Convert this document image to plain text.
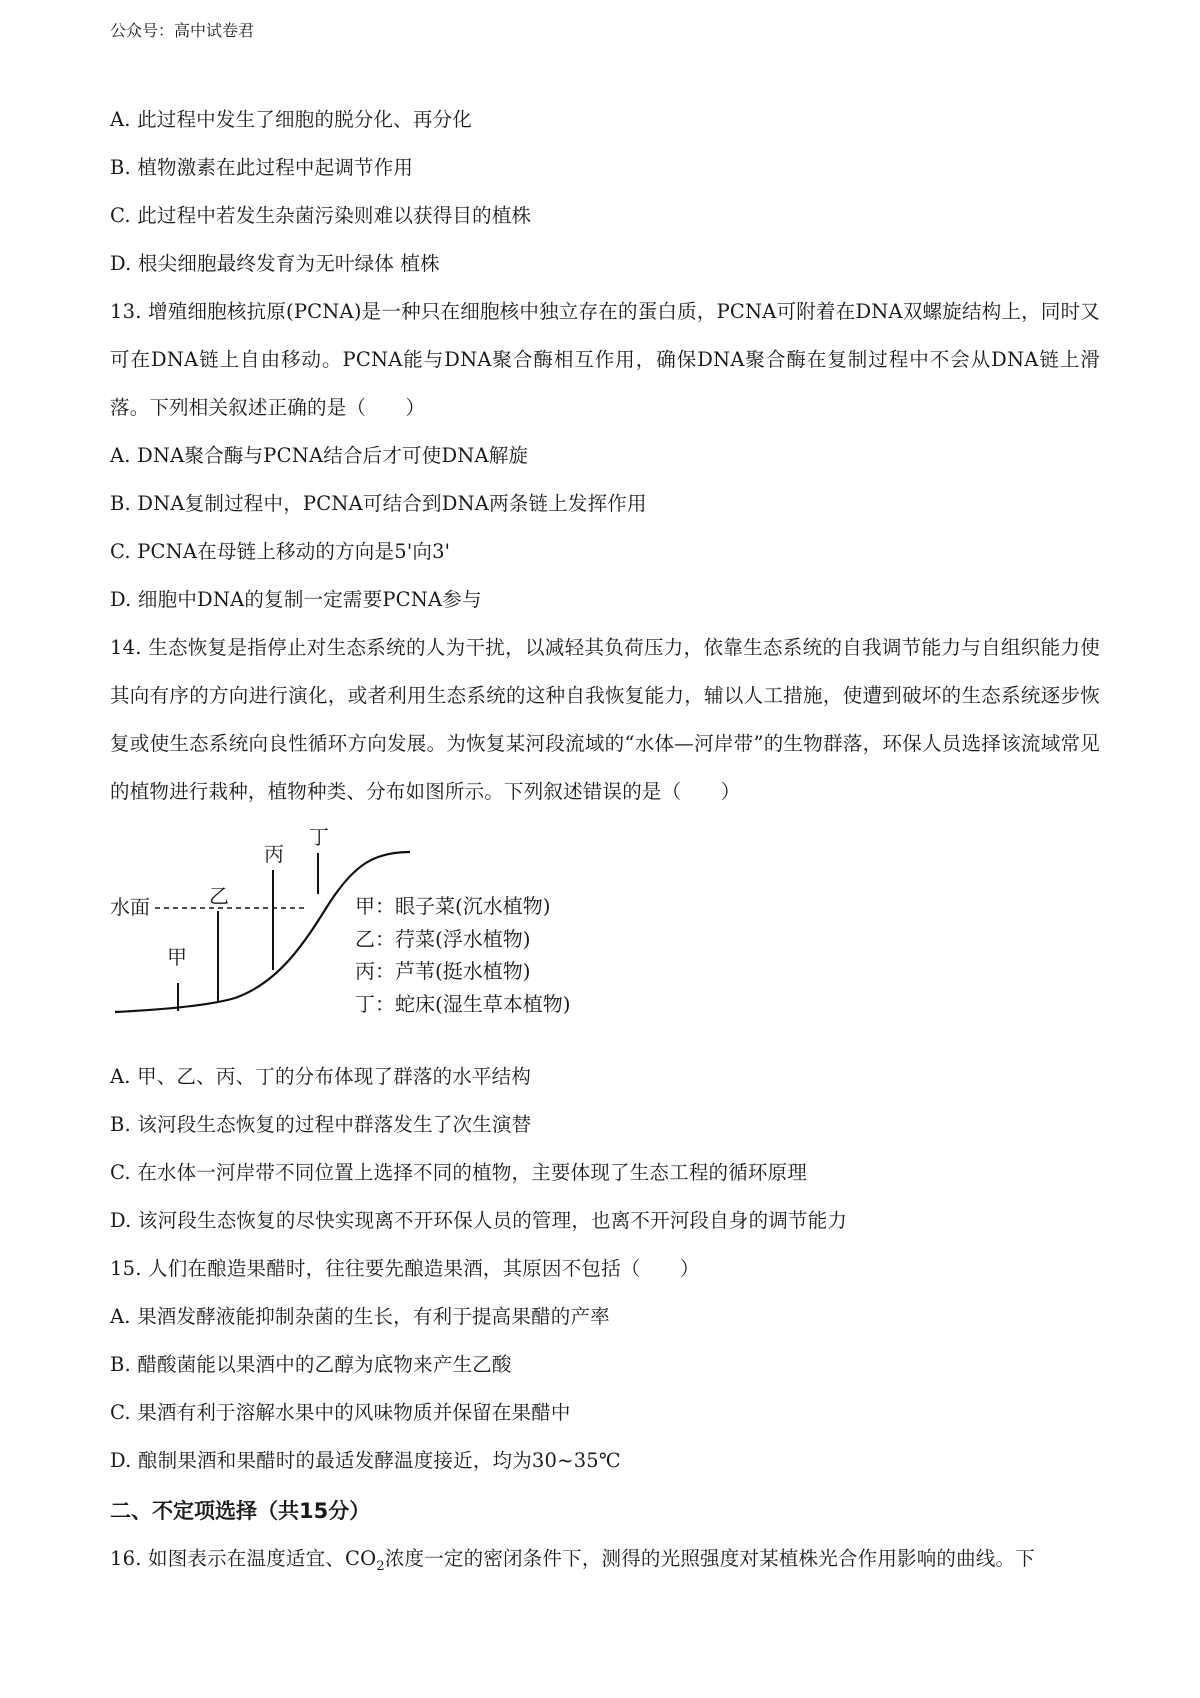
公众号：高中试卷君
A. 此过程中发生了细胞的脱分化、再分化
B. 植物激素在此过程中起调节作用
C. 此过程中若发生杂菌污染则难以获得目的植株
D. 根尖细胞最终发育为无叶绿体 植株
13. 增殖细胞核抗原(PCNA)是一种只在细胞核中独立存在的蛋白质，PCNA可附着在DNA双螺旋结构上，同时又可在DNA链上自由移动。PCNA能与DNA聚合酶相互作用，确保DNA聚合酶在复制过程中不会从DNA链上滑落。下列相关叙述正确的是（　　）
A. DNA聚合酶与PCNA结合后才可使DNA解旋
B. DNA复制过程中，PCNA可结合到DNA两条链上发挥作用
C. PCNA在母链上移动的方向是5'向3'
D. 细胞中DNA的复制一定需要PCNA参与
14. 生态恢复是指停止对生态系统的人为干扰，以减轻其负荷压力，依靠生态系统的自我调节能力与自组织能力使其向有序的方向进行演化，或者利用生态系统的这种自我恢复能力，辅以人工措施，使遭到破坏的生态系统逐步恢复或使生态系统向良性循环方向发展。为恢复某河段流域的“水体—河岸带”的生物群落，环保人员选择该流域常见的植物进行栽种，植物种类、分布如图所示。下列叙述错误的是（　　）
水面
甲
乙
丙
丁
甲：眼子菜(沉水植物)
乙：荇菜(浮水植物)
丙：芦苇(挺水植物)
丁：蛇床(湿生草本植物)
A. 甲、乙、丙、丁的分布体现了群落的水平结构
B. 该河段生态恢复的过程中群落发生了次生演替
C. 在水体一河岸带不同位置上选择不同的植物，主要体现了生态工程的循环原理
D. 该河段生态恢复的尽快实现离不开环保人员的管理，也离不开河段自身的调节能力
15. 人们在酿造果醋时，往往要先酿造果酒，其原因不包括（　　）
A. 果酒发酵液能抑制杂菌的生长，有利于提高果醋的产率
B. 醋酸菌能以果酒中的乙醇为底物来产生乙酸
C. 果酒有利于溶解水果中的风味物质并保留在果醋中
D. 酿制果酒和果醋时的最适发酵温度接近，均为30~35℃
二、不定项选择（共15分）
16. 如图表示在温度适宜、$CO_2$浓度一定的密闭条件下，测得的光照强度对某植株光合作用影响的曲线。下
